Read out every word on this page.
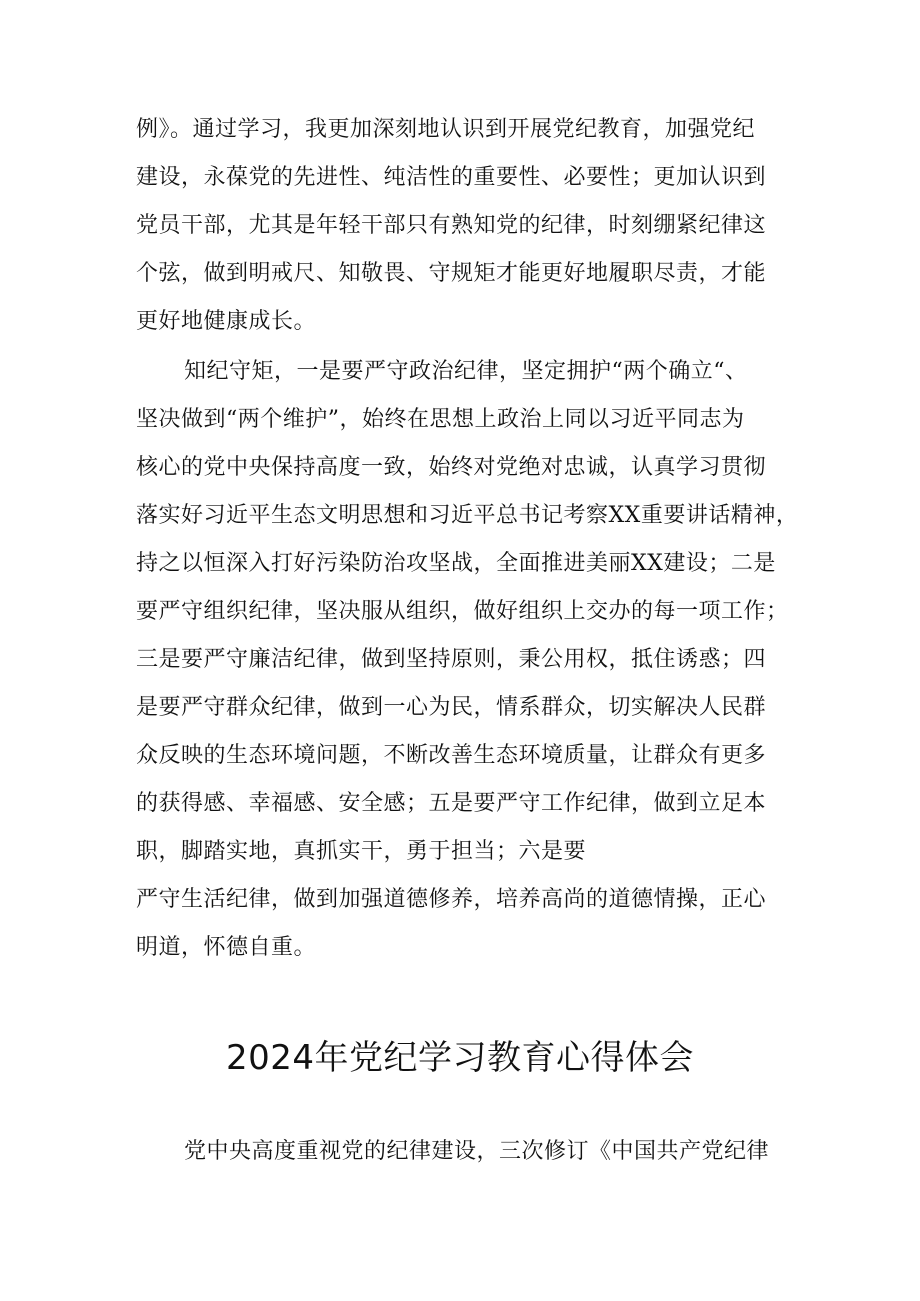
例》。通过学习，我更加深刻地认识到开展党纪教育，加强党纪
建设，永葆党的先进性、纯洁性的重要性、必要性；更加认识到
党员干部，尤其是年轻干部只有熟知党的纪律，时刻绷紧纪律这
个弦，做到明戒尺、知敬畏、守规矩才能更好地履职尽责，才能
更好地健康成长。
知纪守矩，一是要严守政治纪律，坚定拥护“两个确立“、
坚决做到“两个维护”，始终在思想上政治上同以习近平同志为
核心的党中央保持高度一致，始终对党绝对忠诚，认真学习贯彻
落实好习近平生态文明思想和习近平总书记考察XX重要讲话精神，
持之以恒深入打好污染防治攻坚战，全面推进美丽XX建设；二是
要严守组织纪律，坚决服从组织，做好组织上交办的每一项工作；
三是要严守廉洁纪律，做到坚持原则，秉公用权，抵住诱惑；四
是要严守群众纪律，做到一心为民，情系群众，切实解决人民群
众反映的生态环境问题，不断改善生态环境质量，让群众有更多
的获得感、幸福感、安全感；五是要严守工作纪律，做到立足本
职，脚踏实地，真抓实干，勇于担当；六是要
严守生活纪律，做到加强道德修养，培养高尚的道德情操，正心
明道，怀德自重。
2024年党纪学习教育心得体会
党中央高度重视党的纪律建设，三次修订《中国共产党纪律
